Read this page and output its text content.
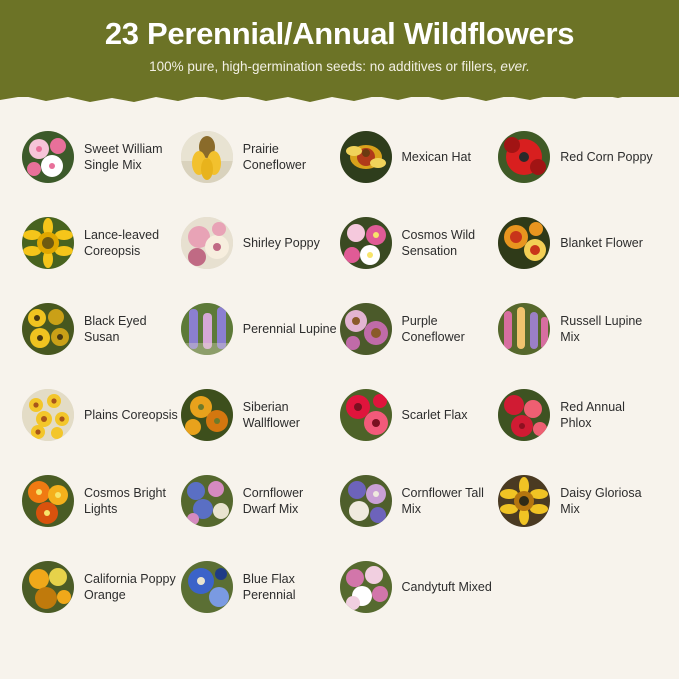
23 Perennial/Annual Wildflowers
100% pure, high-germination seeds: no additives or fillers, ever.
Sweet William Single Mix
Prairie Coneflower
Mexican Hat	Red Corn Poppy
Lance-leaved Coreopsis
Shirley Poppy
Cosmos Wild Sensation
Blanket Flower
Black Eyed Susan
Perennial Lupine
Purple Coneflower
Russell Lupine Mix
Plains Coreopsis
Siberian Wallflower
Scarlet Flax
Red Annual Phlox
Cosmos Bright Lights
Cornflower Dwarf Mix
Cornflower Tall Mix
Daisy Gloriosa Mix
California Poppy Orange
Blue Flax Perennial
Candytuft Mixed
